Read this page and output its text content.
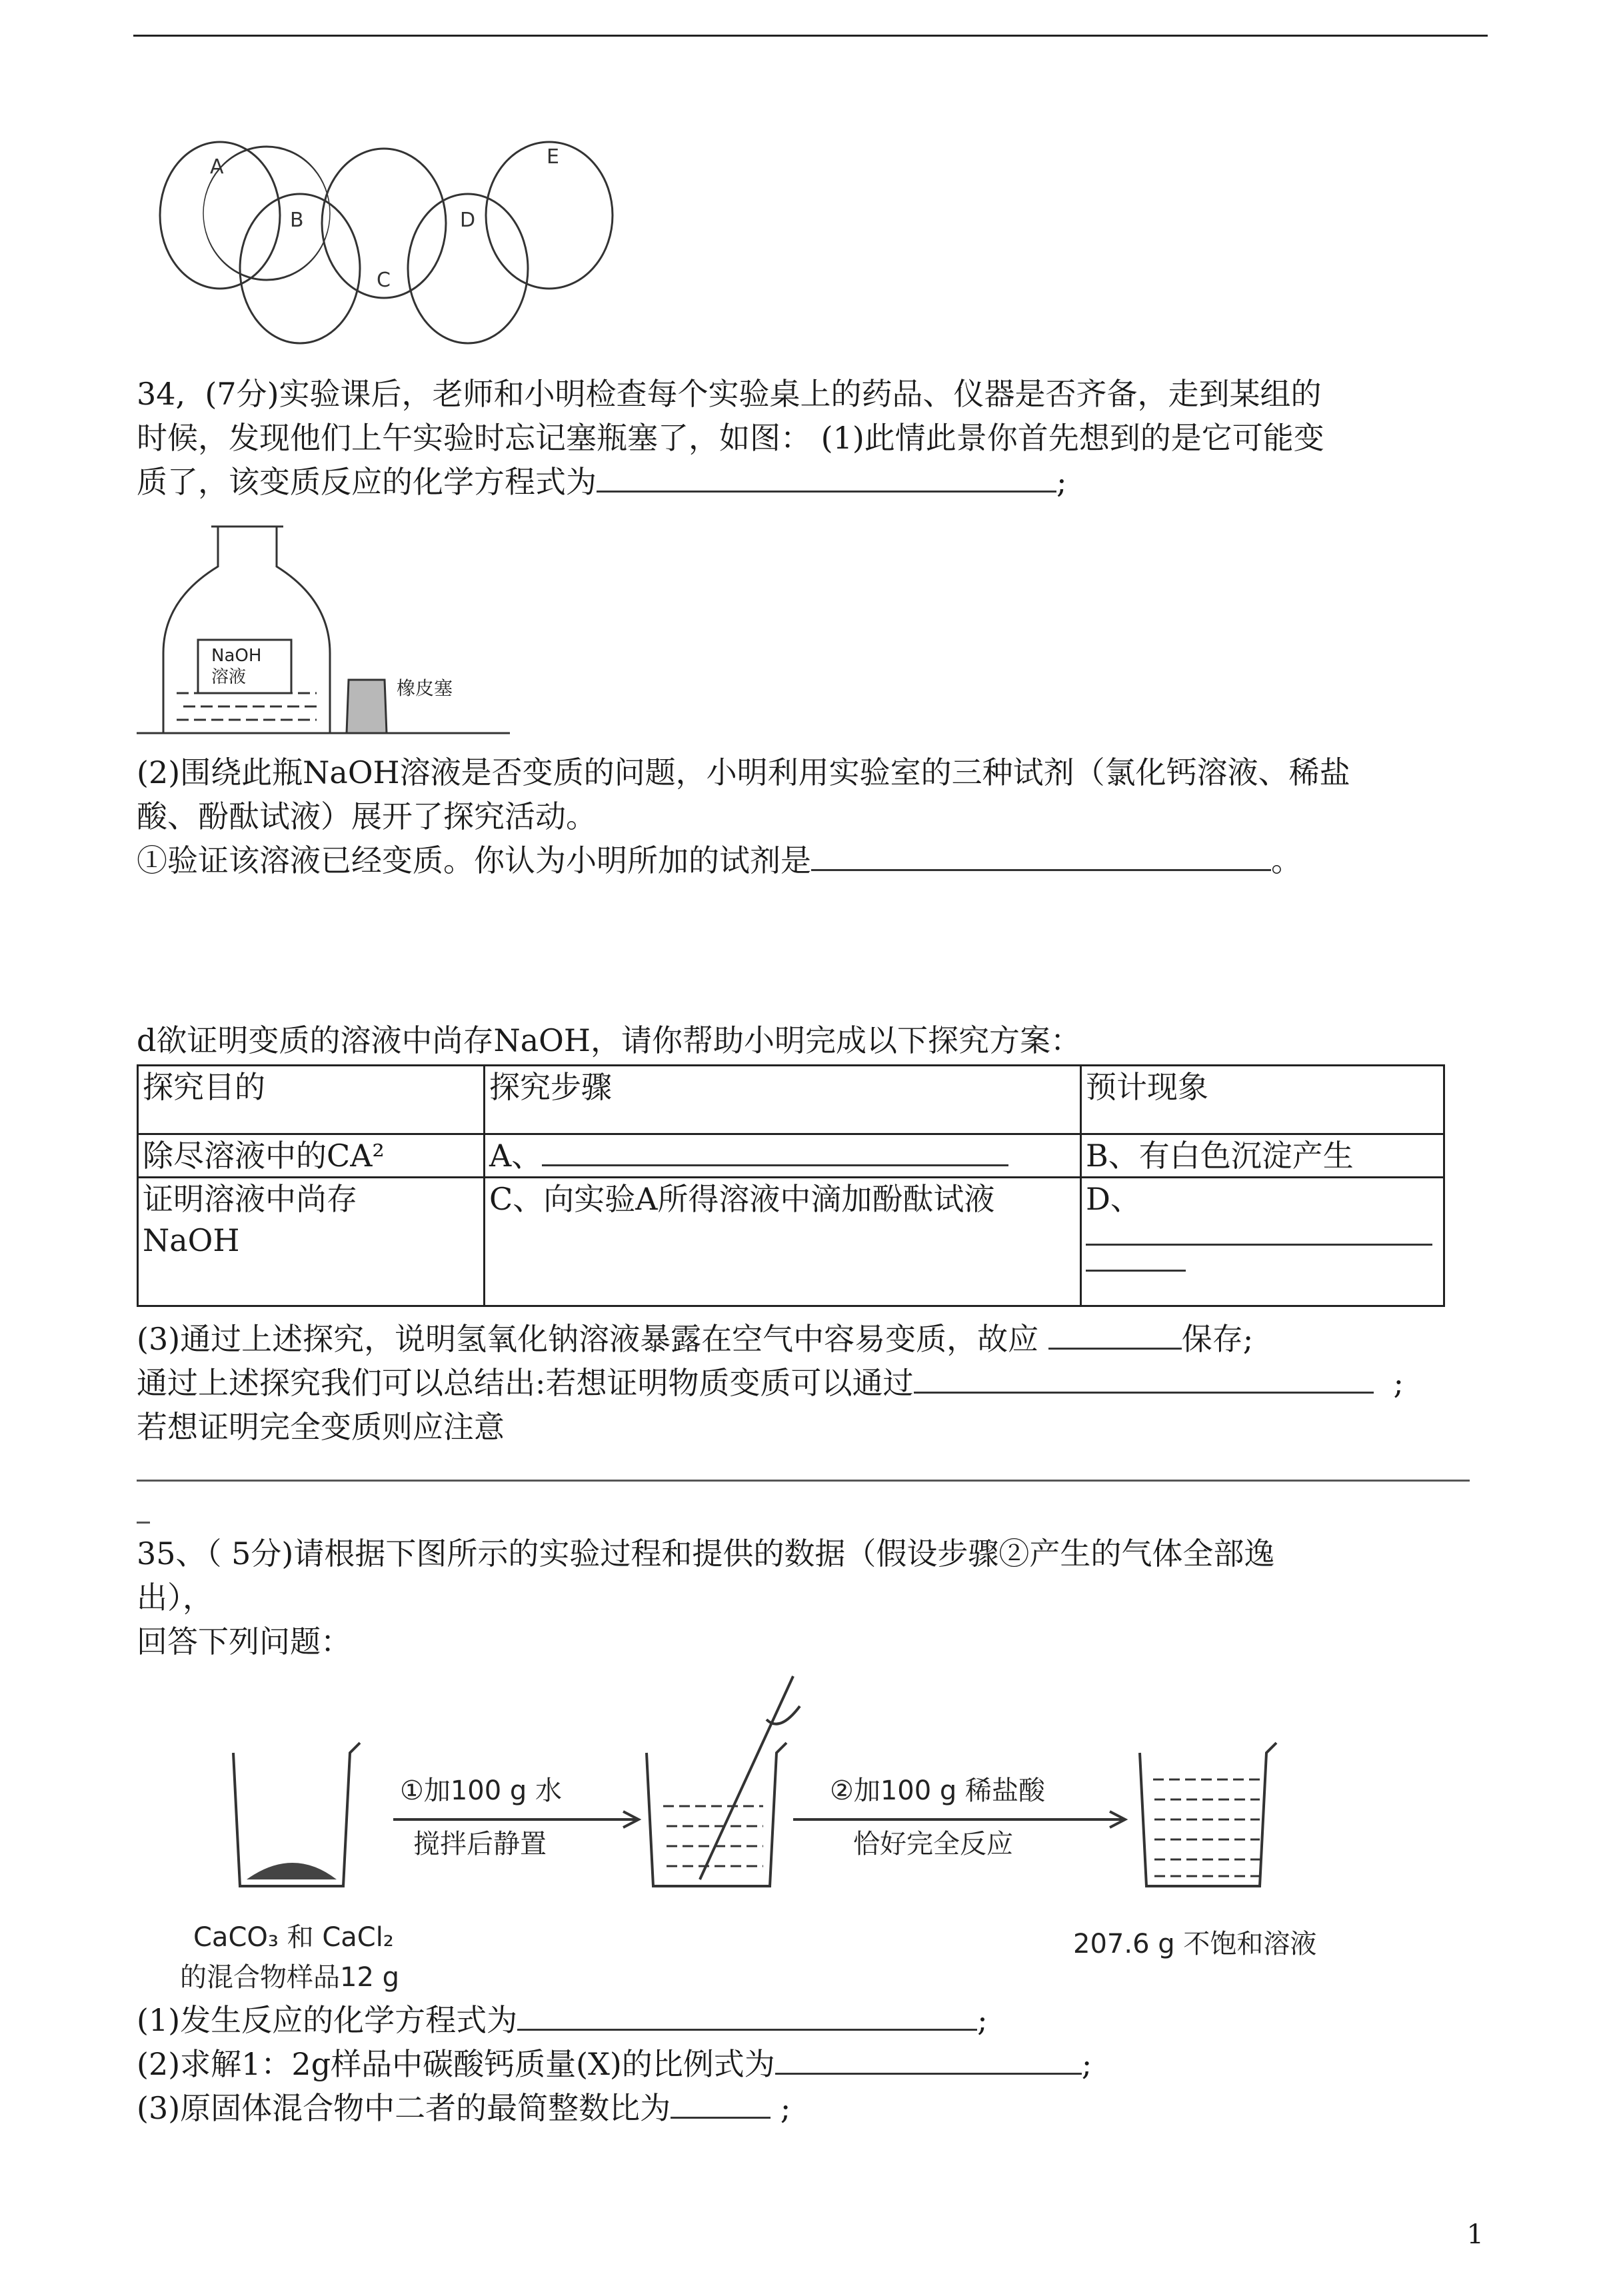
A
B
C
D
E
34,  (7分)实验课后，老师和小明检查每个实验桌上的药品、仪器是否齐备，走到某组的
时候，发现他们上午实验时忘记塞瓶塞了，如图： (1)此情此景你首先想到的是它可能变
质了，该变质反应的化学方程式为	;
NaOH
溶液	橡皮塞
(2)围绕此瓶NaOH溶液是否变质的问题，小明利用实验室的三种试剂（氯化钙溶液、稀盐
酸、酚酞试液）展开了探究活动。
①验证该溶液已经变质。你认为小明所加的试剂是	。
d欲证明变质的溶液中尚存NaOH，请你帮助小明完成以下探究方案：
探究目的	探究步骤	预计现象
除尽溶液中的CA²	A、	B、有白色沉淀产生

证明溶液中尚存
NaOH	C、向实验A所得溶液中滴加酚酞试液	D、
(3)通过上述探究，说明氢氧化钠溶液暴露在空气中容易变质，故应	保存;
通过上述探究我们可以总结出:若想证明物质变质可以通过	;
若想证明完全变质则应注意
35、（ 5分)请根据下图所示的实验过程和提供的数据（假设步骤②产生的气体全部逸
出），
回答下列问题：
①加100 g 水
搅拌后静置
②加100 g 稀盐酸
恰好完全反应
CaCO₃ 和 CaCl₂
的混合物样品12 g
207.6 g 不饱和溶液
(1)发生反应的化学方程式为	;
(2)求解1：2g样品中碳酸钙质量(X)的比例式为	;
(3)原固体混合物中二者的最简整数比为	;
1
